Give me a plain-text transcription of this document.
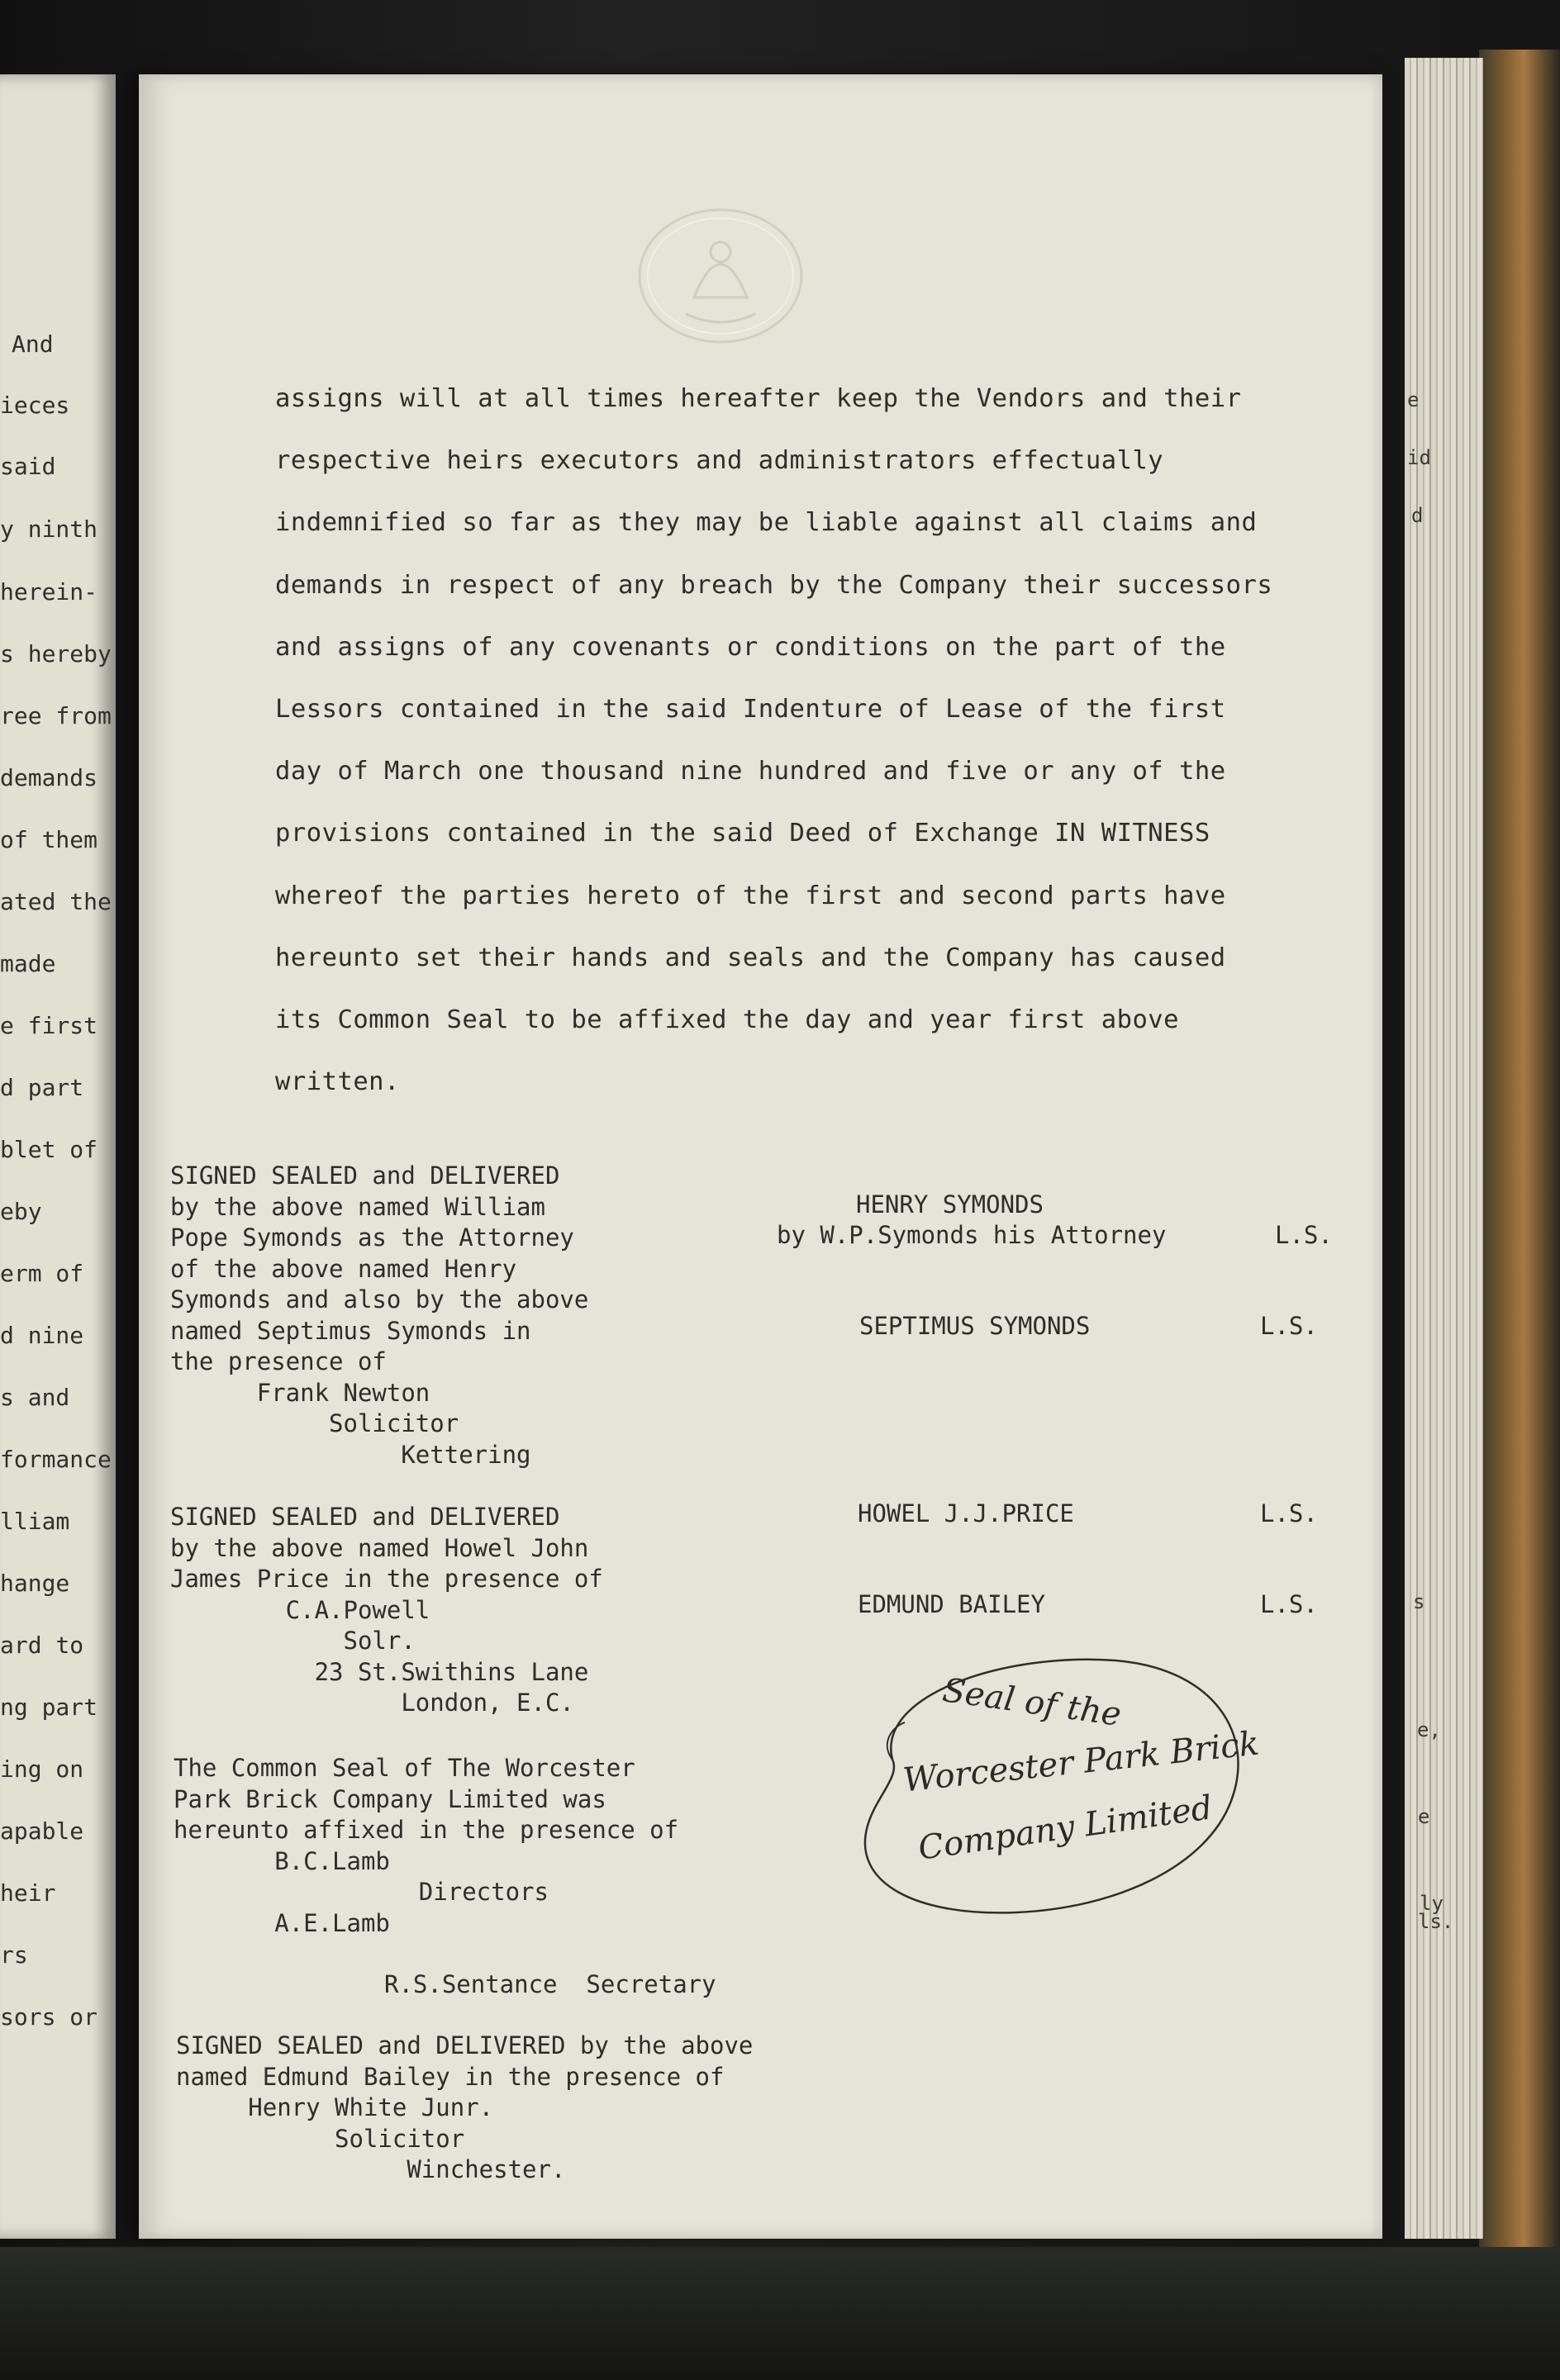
And
ieces
said
y ninth
herein-
s hereby
ree from
demands
of them
ated the
made
e first
d part
blet of
eby
erm of
d nine
s and
formance
lliam
hange
ard to
ng part
ing on
apable
heir
rs
sors or
e
id
d
s
e,
e
ly
ls.
assigns will at all times hereafter keep the Vendors and their
respective heirs executors and administrators effectually
indemnified so far as they may be liable against all claims and
demands in respect of any breach by the Company their successors
and assigns of any covenants or conditions on the part of the
Lessors contained in the said Indenture of Lease of the first
day of March one thousand nine hundred and five or any of the
provisions contained in the said Deed of Exchange IN WITNESS
whereof the parties hereto of the first and second parts have
hereunto set their hands and seals and the Company has caused
its Common Seal to be affixed the day and year first above
written.
SIGNED SEALED and DELIVERED
by the above named William
Pope Symonds as the Attorney
of the above named Henry
Symonds and also by the above
named Septimus Symonds in
the presence of
Frank Newton
Solicitor
Kettering
SIGNED SEALED and DELIVERED
by the above named Howel John
James Price in the presence of
C.A.Powell
Solr.
23 St.Swithins Lane
London, E.C.
The Common Seal of The Worcester
Park Brick Company Limited was
hereunto affixed in the presence of
B.C.Lamb
Directors
A.E.Lamb
R.S.Sentance  Secretary
SIGNED SEALED and DELIVERED by the above
named Edmund Bailey in the presence of
Henry White Junr.
Solicitor
Winchester.
HENRY SYMONDS
by W.P.Symonds his Attorney	L.S.
SEPTIMUS SYMONDS	L.S.
HOWEL J.J.PRICE	L.S.
EDMUND BAILEY	L.S.
Seal of the
Worcester Park Brick
Company Limited
